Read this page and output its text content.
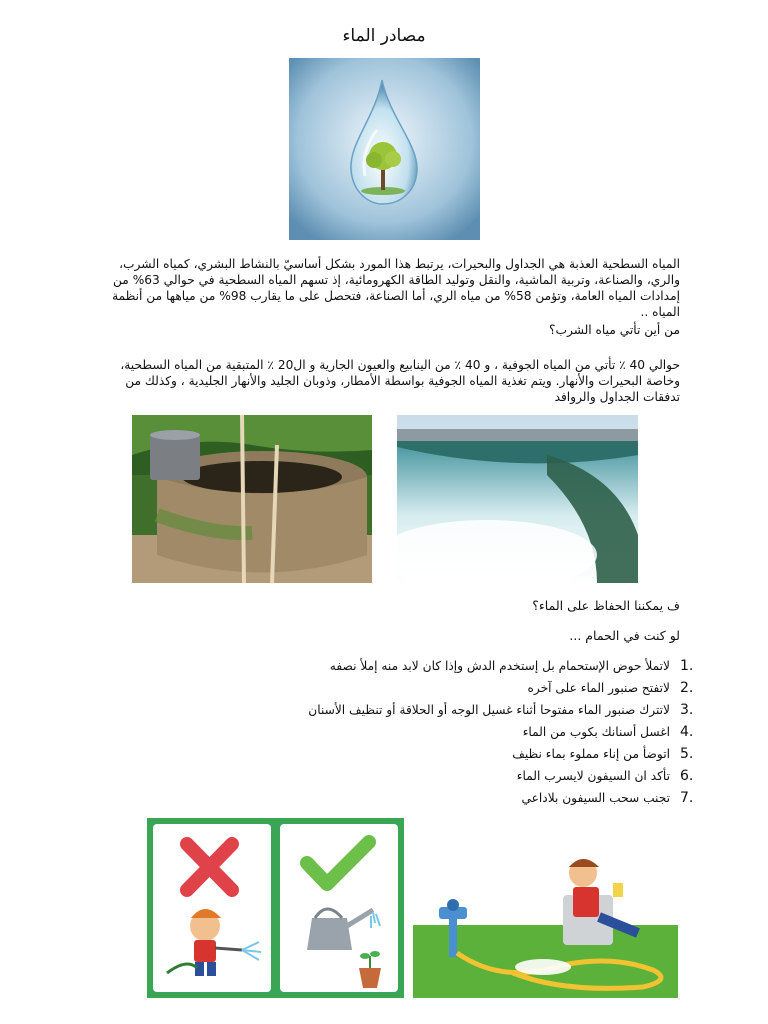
مصادر الماء
المياه السطحية العذبة هي الجداول والبحيرات، يرتبط هذا المورد بشكل أساسيّ بالنشاط البشري، كمياه الشرب، والري، والصناعة، وتربية الماشية، والنقل وتوليد الطاقة الكهرومائية، إذ تسهم المياه السطحية في حوالي 63% من إمدادات المياه العامة، وتؤمن 58% من مياه الري، أما الصناعة، فتحصل على ما يقارب 98% من مياهها من أنظمة المياه ..
من أين تأتي مياه الشرب؟
حوالي 40 ٪ تأتي من المياه الجوفية ، و 40 ٪ من الينابيع والعيون الجارية و ال20 ٪ المتبقية من المياه السطحية، وخاصة البحيرات والأنهار. ويتم تغذية المياه الجوفية بواسطة الأمطار، وذوبان الجليد والأنهار الجليدية ، وكذلك من تدفقات الجداول والروافد
ف يمكننا الحفاظ على الماء؟
لو كنت في الحمام ...
لاتملأ حوض الإستحمام بل إستخدم الدش وإذا كان لابد منه إملأ نصفه 1.
لاتفتح صنبور الماء على آخره 2.
لاتترك صنبور الماء مفتوحا أثناء غسيل الوجه أو الحلاقة أو تنظيف الأسنان 3.
اغسل أسنانك بكوب من الماء 4.
اتوضأ من إناء مملوء بماء نظيف 5.
تأكد ان السيفون لايسرب الماء 6.
تجنب سحب السيفون بلاداعي 7.
